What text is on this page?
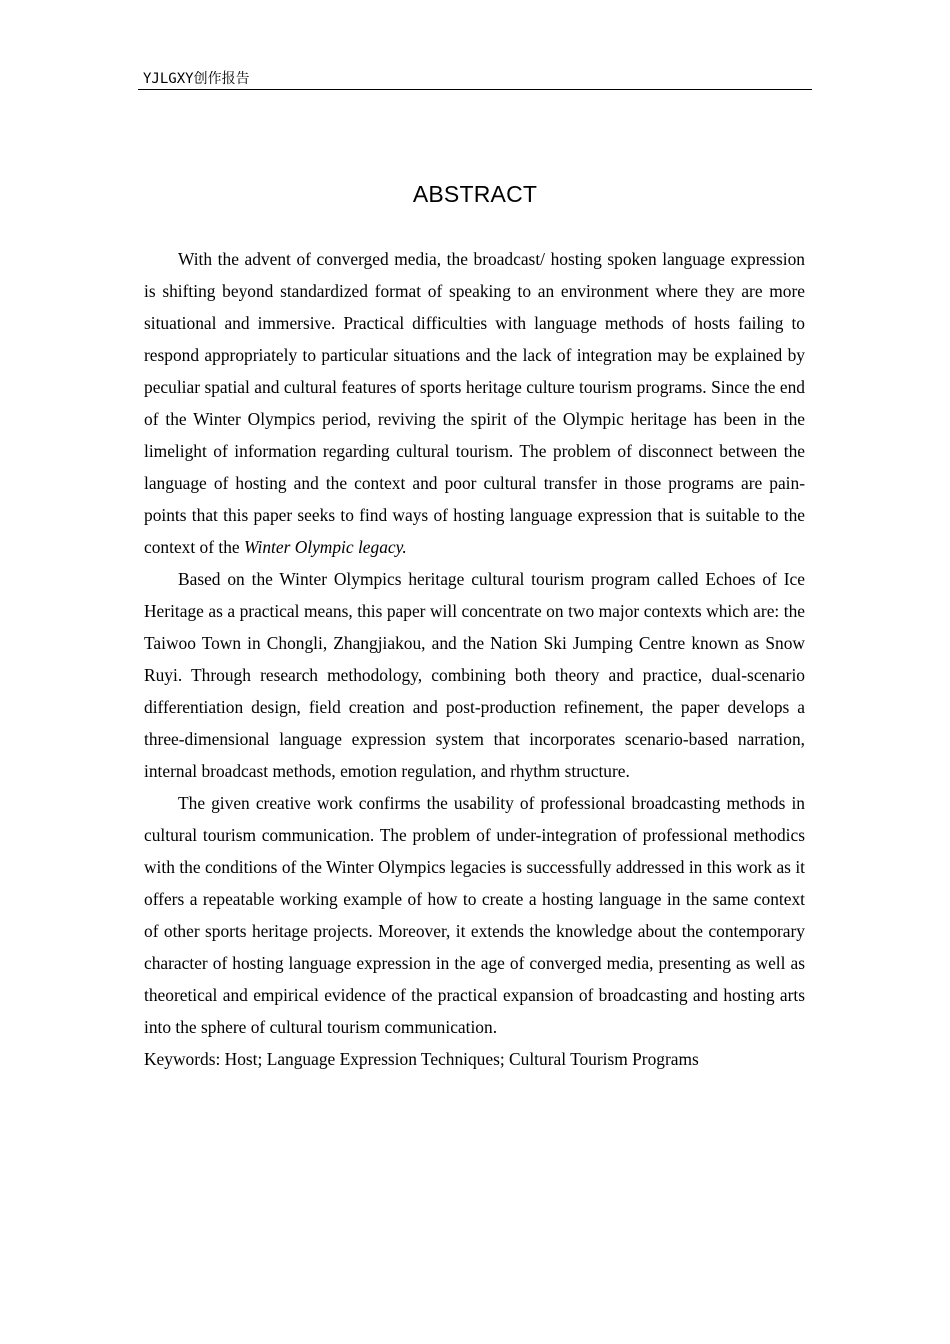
YJLGXY创作报告
ABSTRACT

With the advent of converged media, the broadcast/ hosting spoken language expression is shifting beyond standardized format of speaking to an environment where they are more situational and immersive. Practical difficulties with language methods of hosts failing to respond appropriately to particular situations and the lack of integration may be explained by peculiar spatial and cultural features of sports heritage culture tourism programs. Since the end of the Winter Olympics period, reviving the spirit of the Olympic heritage has been in the limelight of information regarding cultural tourism. The problem of disconnect between the language of hosting and the context and poor cultural transfer in those programs are pain-points that this paper seeks to find ways of hosting language expression that is suitable to the context of the Winter Olympic legacy.

Based on the Winter Olympics heritage cultural tourism program called Echoes of Ice Heritage as a practical means, this paper will concentrate on two major contexts which are: the Taiwoo Town in Chongli, Zhangjiakou, and the Nation Ski Jumping Centre known as Snow Ruyi. Through research methodology, combining both theory and practice, dual-scenario differentiation design, field creation and post-production refinement, the paper develops a three-dimensional language expression system that incorporates scenario-based narration, internal broadcast methods, emotion regulation, and rhythm structure.

The given creative work confirms the usability of professional broadcasting methods in cultural tourism communication. The problem of under-integration of professional methodics with the conditions of the Winter Olympics legacies is successfully addressed in this work as it offers a repeatable working example of how to create a hosting language in the same context of other sports heritage projects. Moreover, it extends the knowledge about the contemporary character of hosting language expression in the age of converged media, presenting as well as theoretical and empirical evidence of the practical expansion of broadcasting and hosting arts into the sphere of cultural tourism communication.

Keywords: Host; Language Expression Techniques; Cultural Tourism Programs
